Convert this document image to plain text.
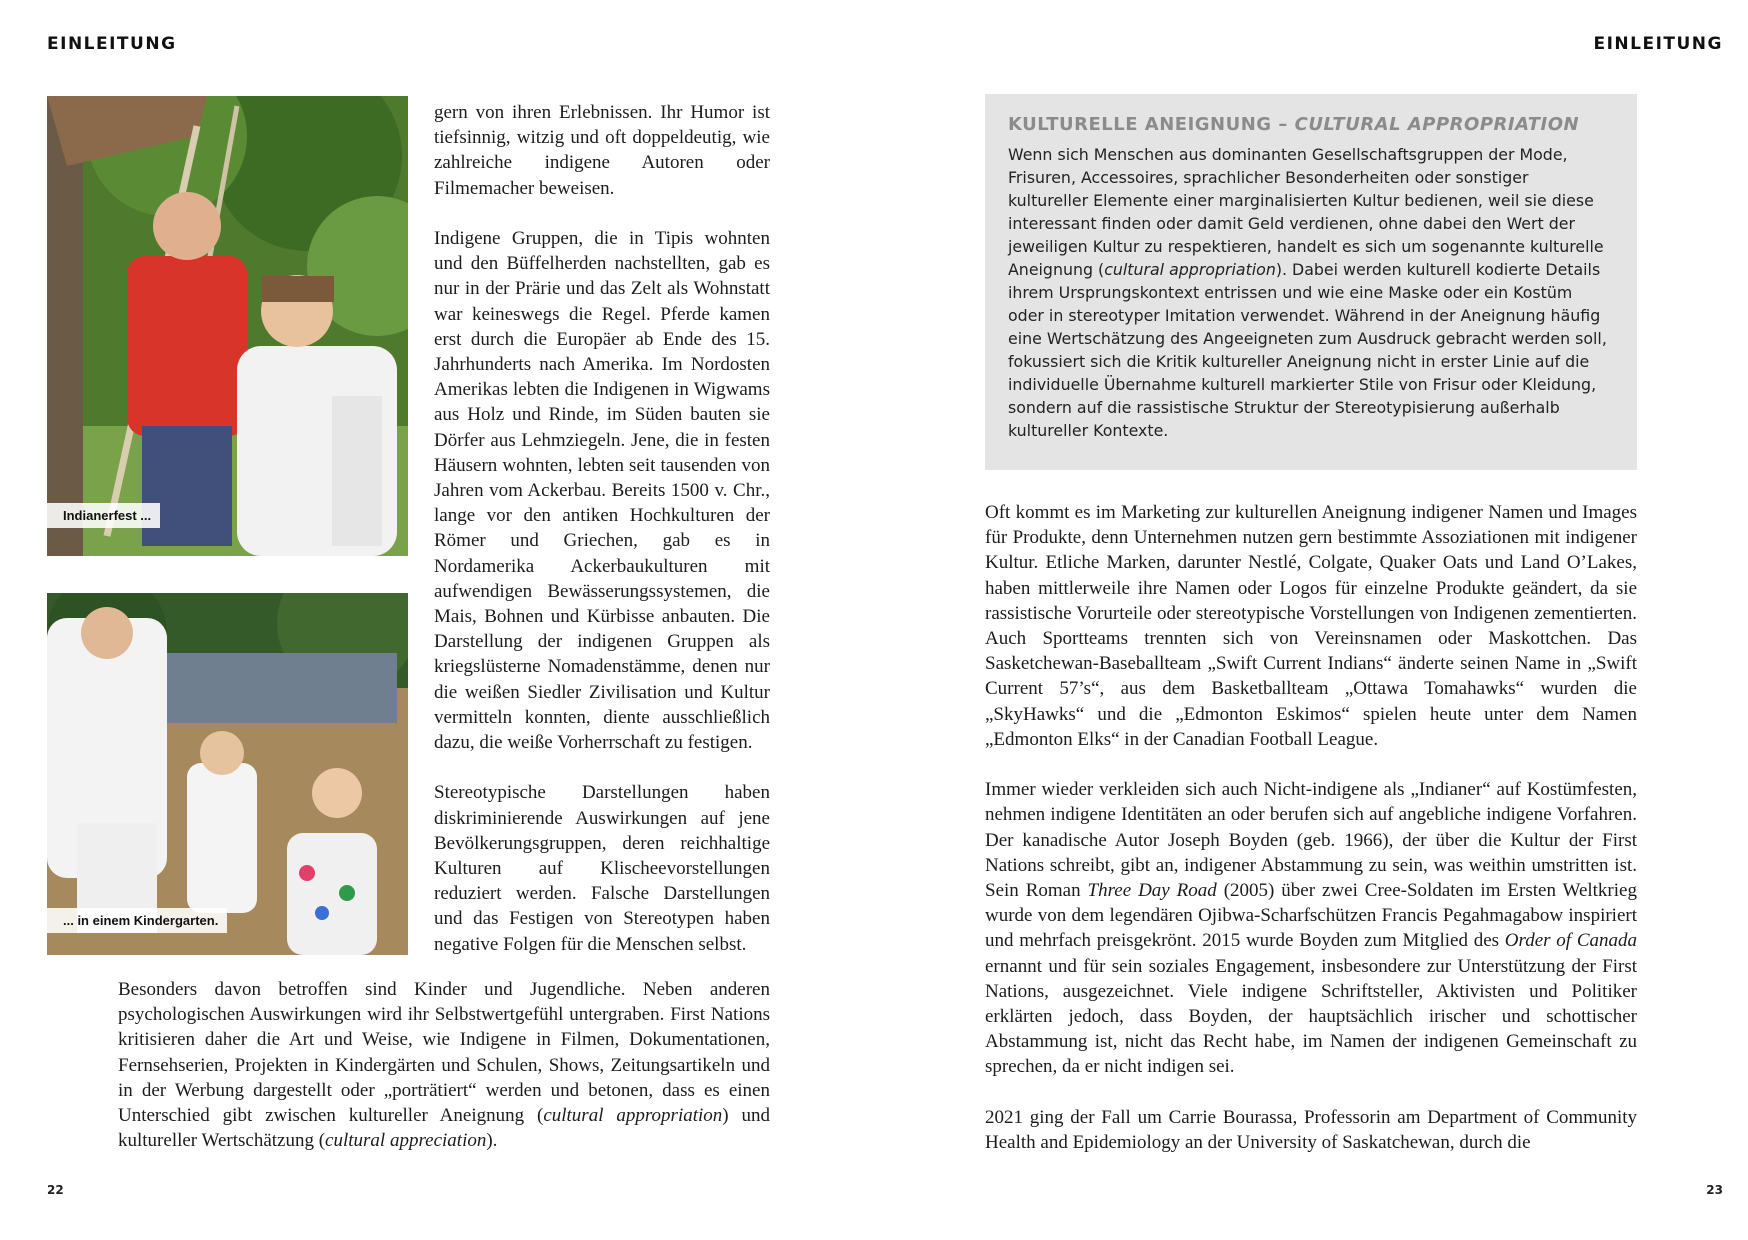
EINLEITUNG
Indianerfest ...
... in einem Kindergarten.

gern von ihren Erlebnissen. Ihr Humor ist tiefsinnig, witzig und oft doppeldeutig, wie zahlreiche indigene Autoren oder Filmemacher beweisen.

Indigene Gruppen, die in Tipis wohnten und den Büffelherden nachstellten, gab es nur in der Prärie und das Zelt als Wohnstatt war keineswegs die Regel. Pferde kamen erst durch die Europäer ab Ende des 15. Jahrhunderts nach Amerika. Im Nordosten Amerikas lebten die Indigenen in Wigwams aus Holz und Rinde, im Süden bauten sie Dörfer aus Lehmziegeln. Jene, die in festen Häusern wohnten, lebten seit tausenden von Jahren vom Ackerbau. Bereits 1500 v. Chr., lange vor den antiken Hochkulturen der Römer und Griechen, gab es in Nordamerika Ackerbaukulturen mit aufwendigen Bewässerungssystemen, die Mais, Bohnen und Kürbisse anbauten. Die Darstellung der indigenen Gruppen als kriegslüsterne Nomadenstämme, denen nur die weißen Siedler Zivilisation und Kultur vermitteln konnten, diente ausschließlich dazu, die weiße Vorherrschaft zu festigen.

Stereotypische Darstellungen haben diskriminierende Auswirkungen auf jene Bevölkerungsgruppen, deren reichhaltige Kulturen auf Klischeevorstellungen reduziert werden. Falsche Darstellungen und das Festigen von Stereotypen haben negative Folgen für die Menschen selbst.

Besonders davon betroffen sind Kinder und Jugendliche. Neben anderen psychologischen Auswirkungen wird ihr Selbstwertgefühl untergraben. First Nations kritisieren daher die Art und Weise, wie Indigene in Filmen, Dokumentationen, Fernsehserien, Projekten in Kindergärten und Schulen, Shows, Zeitungsartikeln und in der Werbung dargestellt oder „porträtiert“ werden und betonen, dass es einen Unterschied gibt zwischen kultureller Aneignung (cultural appropriation) und kultureller Wertschätzung (cultural appreciation).

22
EINLEITUNG
23
KULTURELLE ANEIGNUNG – CULTURAL APPROPRIATION

Wenn sich Menschen aus dominanten Gesellschaftsgruppen der Mode, Frisuren, Accessoires, sprachlicher Besonderheiten oder sonstiger kultureller Elemente einer marginalisierten Kultur bedienen, weil sie diese interessant finden oder damit Geld verdienen, ohne dabei den Wert der jeweiligen Kultur zu respektieren, handelt es sich um sogenannte kulturelle Aneignung (cultural appropriation). Dabei werden kulturell kodierte Details ihrem Ursprungskontext entrissen und wie eine Maske oder ein Kostüm oder in stereotyper Imitation verwendet. Während in der Aneignung häufig eine Wertschätzung des Angeeigneten zum Ausdruck gebracht werden soll, fokussiert sich die Kritik kultureller Aneignung nicht in erster Linie auf die individuelle Übernahme kulturell markierter Stile von Frisur oder Kleidung, sondern auf die rassistische Struktur der Stereotypisierung außerhalb kultureller Kontexte.

Oft kommt es im Marketing zur kulturellen Aneignung indigener Namen und Images für Produkte, denn Unternehmen nutzen gern bestimmte Assoziationen mit indigener Kultur. Etliche Marken, darunter Nestlé, Colgate, Quaker Oats und Land O’Lakes, haben mittlerweile ihre Namen oder Logos für einzelne Produkte geändert, da sie rassistische Vorurteile oder stereotypische Vorstellungen von Indigenen zementierten. Auch Sportteams trennten sich von Vereinsnamen oder Maskottchen. Das Sasketchewan-Baseballteam „Swift Current Indians“ änderte seinen Name in „Swift Current 57’s“, aus dem Basketballteam „Ottawa Tomahawks“ wurden die „SkyHawks“ und die „Edmonton Eskimos“ spielen heute unter dem Namen „Edmonton Elks“ in der Canadian Football League.

Immer wieder verkleiden sich auch Nicht-indigene als „Indianer“ auf Kostümfesten, nehmen indigene Identitäten an oder berufen sich auf angebliche indigene Vorfahren. Der kanadische Autor Joseph Boyden (geb. 1966), der über die Kultur der First Nations schreibt, gibt an, indigener Abstammung zu sein, was weithin umstritten ist. Sein Roman Three Day Road (2005) über zwei Cree-Soldaten im Ersten Weltkrieg wurde von dem legendären Ojibwa-Scharfschützen Francis Pegahmagabow inspiriert und mehrfach preisgekrönt. 2015 wurde Boyden zum Mitglied des Order of Canada ernannt und für sein soziales Engagement, insbesondere zur Unterstützung der First Nations, ausgezeichnet. Viele indigene Schriftsteller, Aktivisten und Politiker erklärten jedoch, dass Boyden, der hauptsächlich irischer und schottischer Abstammung ist, nicht das Recht habe, im Namen der indigenen Gemeinschaft zu sprechen, da er nicht indigen sei.

2021 ging der Fall um Carrie Bourassa, Professorin am Department of Community Health and Epidemiology an der University of Saskatchewan, durch die
